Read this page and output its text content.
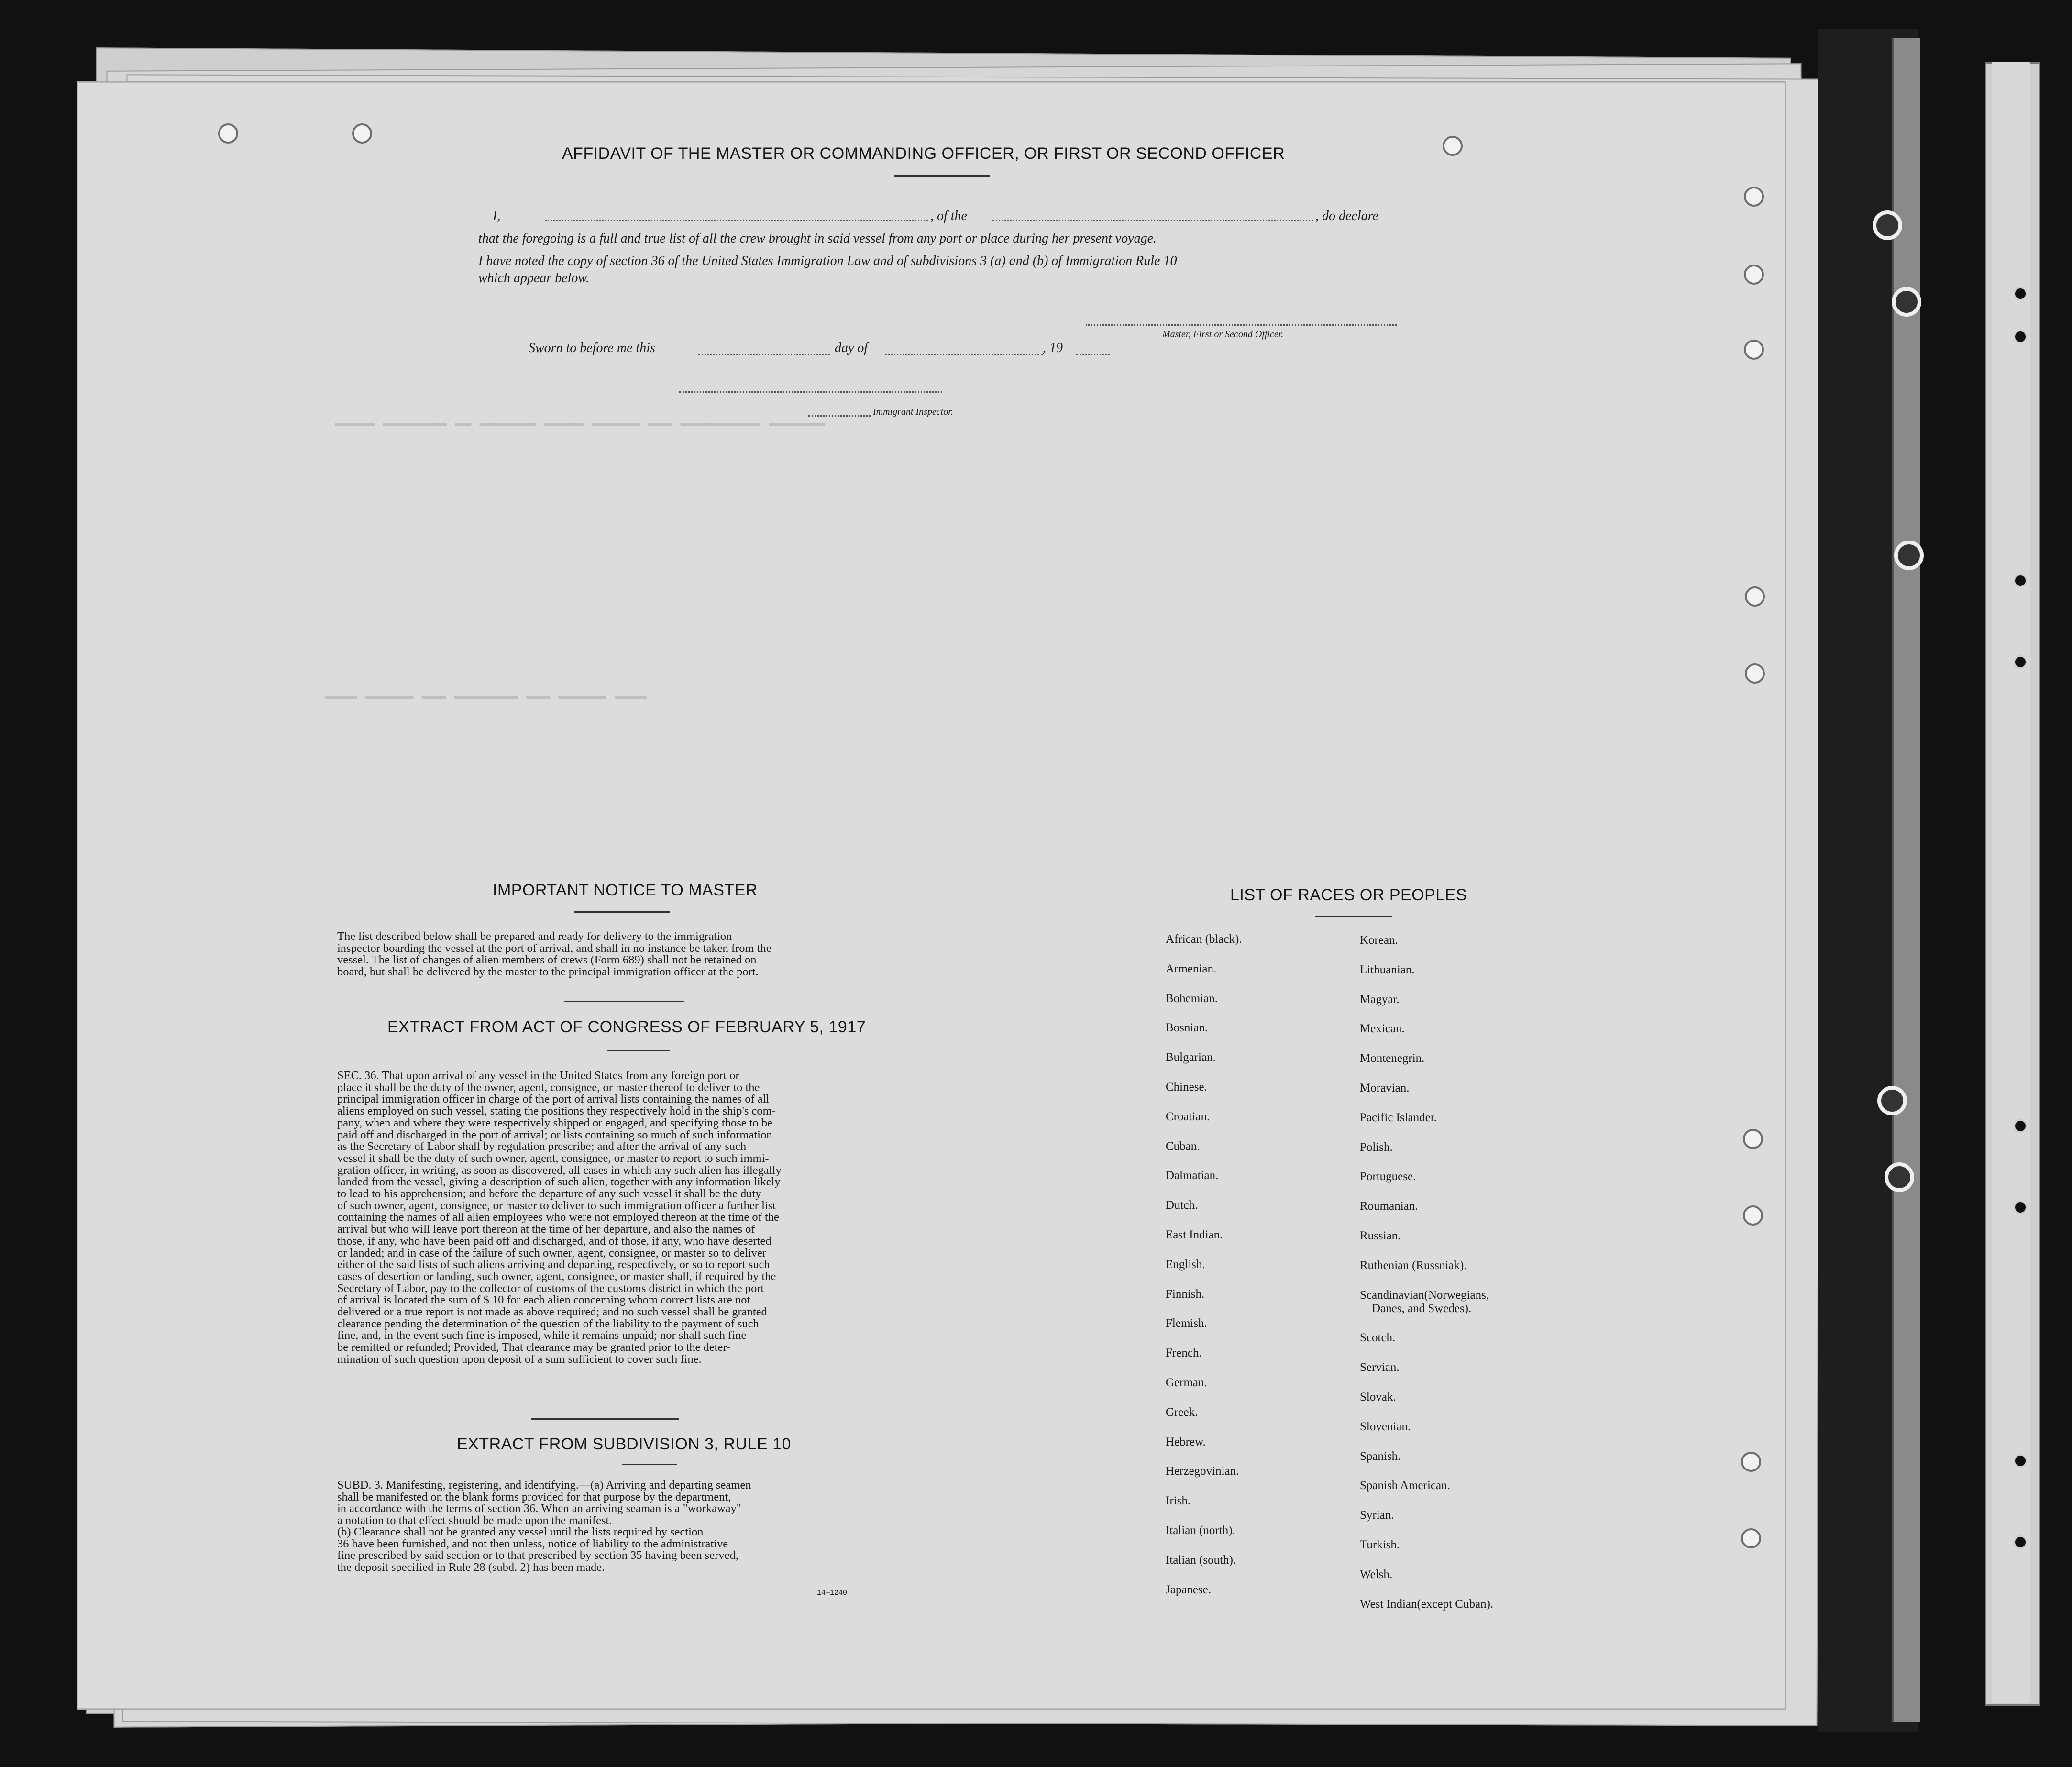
▬▬▬▬▬ ▬▬▬▬▬▬▬▬ ▬▬ ▬▬▬▬▬▬▬ ▬▬▬▬▬ ▬▬▬▬▬▬ ▬▬▬ ▬▬▬▬▬▬▬▬▬▬ ▬▬▬▬▬▬▬
▬▬▬▬ ▬▬▬▬▬▬ ▬▬▬ ▬▬▬▬▬▬▬▬ ▬▬▬ ▬▬▬▬▬▬ ▬▬▬▬
AFFIDAVIT OF THE MASTER OR COMMANDING OFFICER, OR FIRST OR SECOND OFFICER
I,	, of the	, do declare
that the foregoing is a full and true list of all the crew brought in said vessel from any port or place during her present voyage.
I have noted the copy of section 36 of the United States Immigration Law and of subdivisions 3 (a) and (b) of Immigration Rule 10
which appear below.
Master, First or Second Officer.
Sworn to before me this	day of	, 19
Immigrant Inspector.
IMPORTANT NOTICE TO MASTER
The list described below shall be prepared and ready for delivery to the immigration
inspector boarding the vessel at the port of arrival, and shall in no instance be taken from the
vessel. The list of changes of alien members of crews (Form 689) shall not be retained on
board, but shall be delivered by the master to the principal immigration officer at the port.
EXTRACT FROM ACT OF CONGRESS OF FEBRUARY 5, 1917
SEC. 36. That upon arrival of any vessel in the United States from any foreign port or
place it shall be the duty of the owner, agent, consignee, or master thereof to deliver to the
principal immigration officer in charge of the port of arrival lists containing the names of all
aliens employed on such vessel, stating the positions they respectively hold in the ship's com-
pany, when and where they were respectively shipped or engaged, and specifying those to be
paid off and discharged in the port of arrival; or lists containing so much of such information
as the Secretary of Labor shall by regulation prescribe; and after the arrival of any such
vessel it shall be the duty of such owner, agent, consignee, or master to report to such immi-
gration officer, in writing, as soon as discovered, all cases in which any such alien has illegally
landed from the vessel, giving a description of such alien, together with any information likely
to lead to his apprehension; and before the departure of any such vessel it shall be the duty
of such owner, agent, consignee, or master to deliver to such immigration officer a further list
containing the names of all alien employees who were not employed thereon at the time of the
arrival but who will leave port thereon at the time of her departure, and also the names of
those, if any, who have been paid off and discharged, and of those, if any, who have deserted
or landed; and in case of the failure of such owner, agent, consignee, or master so to deliver
either of the said lists of such aliens arriving and departing, respectively, or so to report such
cases of desertion or landing, such owner, agent, consignee, or master shall, if required by the
Secretary of Labor, pay to the collector of customs of the customs district in which the port
of arrival is located the sum of $ 10 for each alien concerning whom correct lists are not
delivered or a true report is not made as above required; and no such vessel shall be granted
clearance pending the determination of the question of the liability to the payment of such
fine, and, in the event such fine is imposed, while it remains unpaid; nor shall such fine
be remitted or refunded; Provided, That clearance may be granted prior to the deter-
mination of such question upon deposit of a sum sufficient to cover such fine.
EXTRACT FROM SUBDIVISION 3, RULE 10
SUBD. 3. Manifesting, registering, and identifying.—(a) Arriving and departing seamen
shall be manifested on the blank forms provided for that purpose by the department,
in accordance with the terms of section 36. When an arriving seaman is a "workaway"
a notation to that effect should be made upon the manifest.
(b) Clearance shall not be granted any vessel until the lists required by section
36 have been furnished, and not then unless, notice of liability to the administrative
fine prescribed by said section or to that prescribed by section 35 having been served,
the deposit specified in Rule 28 (subd. 2) has been made.
14—1240
LIST OF RACES OR PEOPLES
African (black).
Armenian.
Bohemian.
Bosnian.
Bulgarian.
Chinese.
Croatian.
Cuban.
Dalmatian.
Dutch.
East Indian.
English.
Finnish.
Flemish.
French.
German.
Greek.
Hebrew.
Herzegovinian.
Irish.
Italian (north).
Italian (south).
Japanese.
Korean.
Lithuanian.
Magyar.
Mexican.
Montenegrin.
Moravian.
Pacific Islander.
Polish.
Portuguese.
Roumanian.
Russian.
Ruthenian (Russniak).
Scandinavian(Norwegians,
Danes, and Swedes).
Scotch.
Servian.
Slovak.
Slovenian.
Spanish.
Spanish American.
Syrian.
Turkish.
Welsh.
West Indian(except Cuban).
